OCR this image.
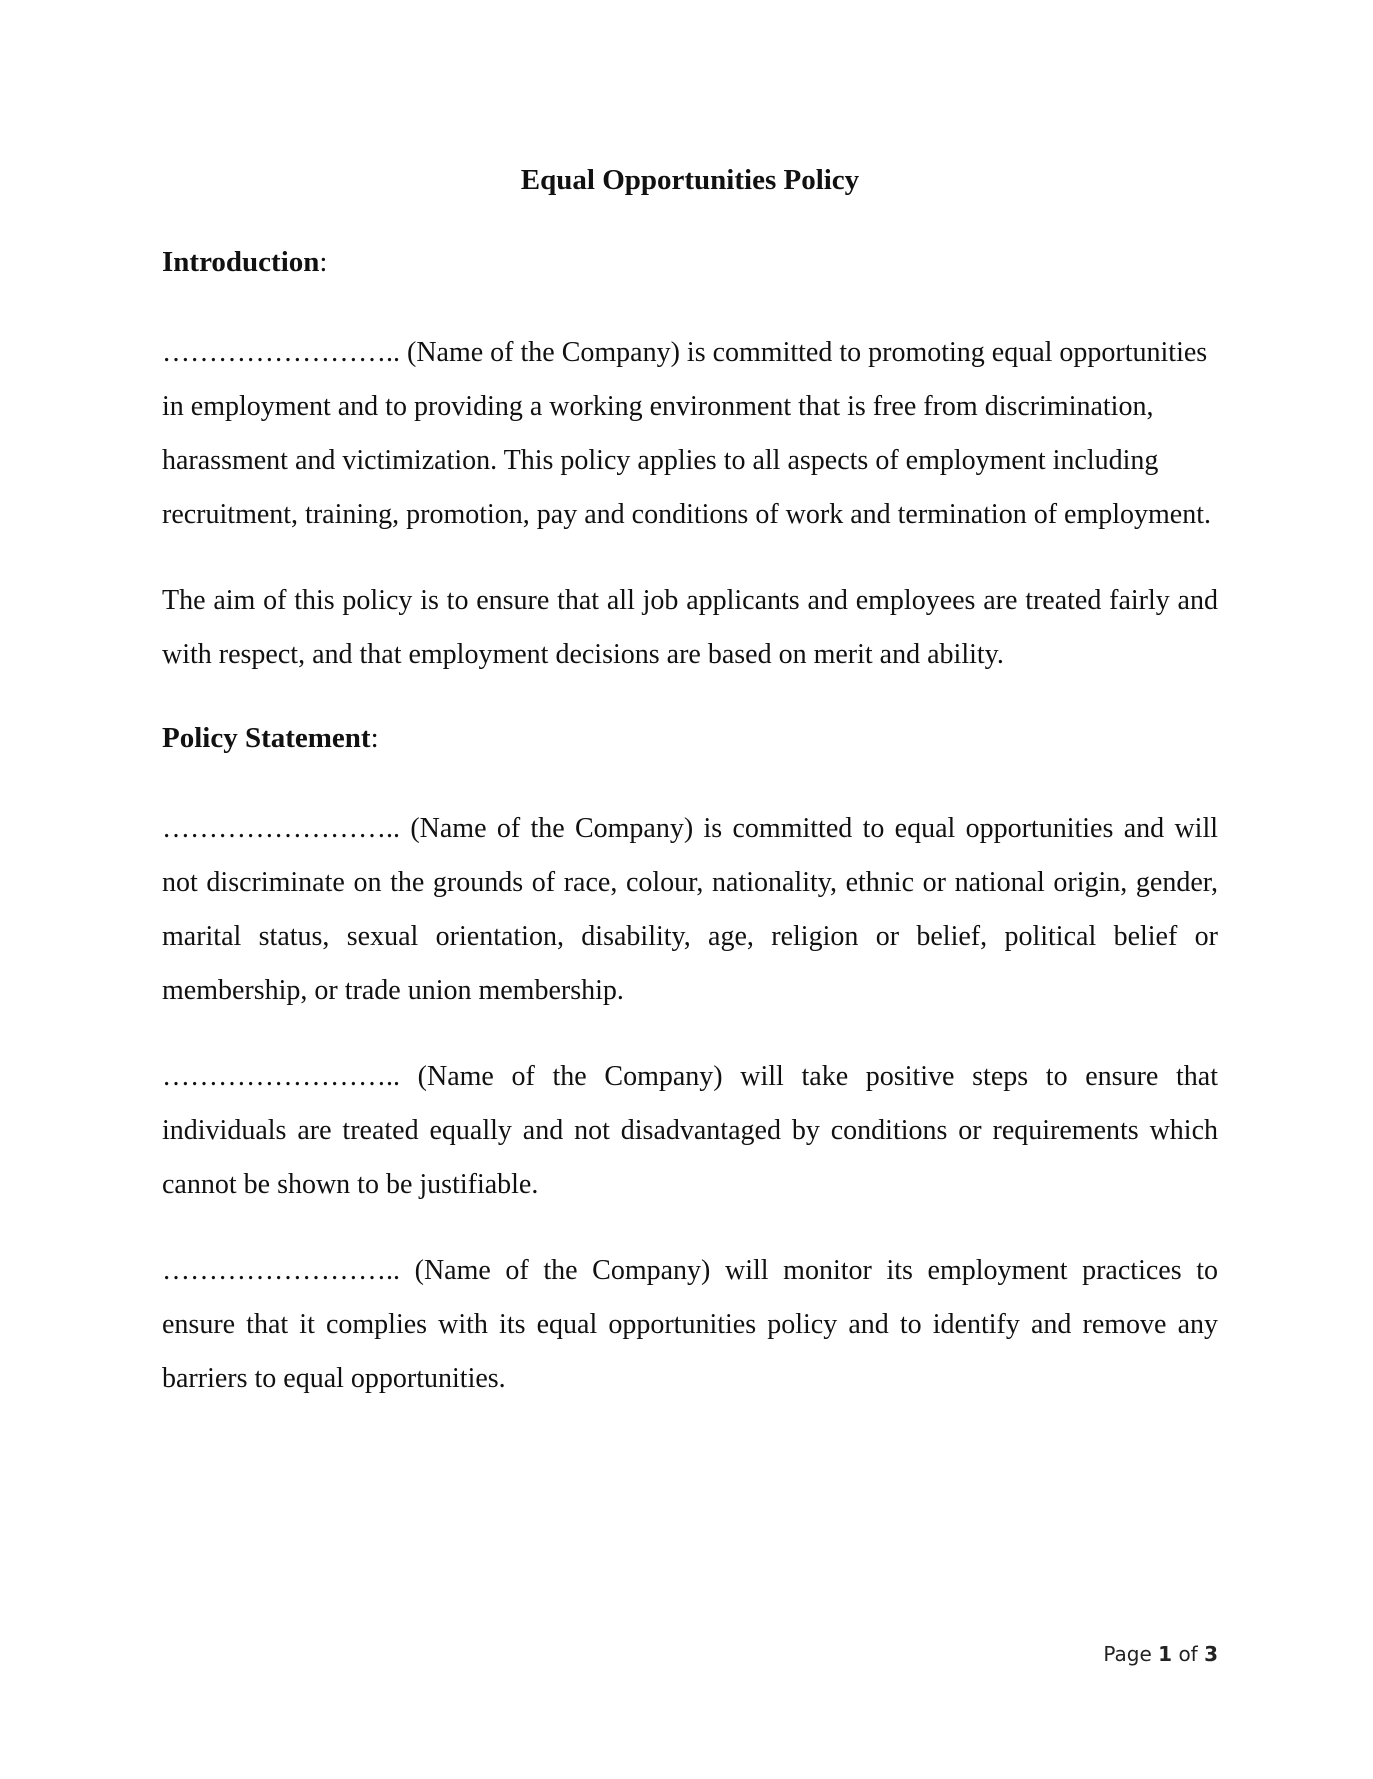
Equal Opportunities Policy
Introduction:

…………………….. (Name of the Company) is committed to promoting equal opportunities in employment and to providing a working environment that is free from discrimination, harassment and victimization. This policy applies to all aspects of employment including recruitment, training, promotion, pay and conditions of work and termination of employment.

The aim of this policy is to ensure that all job applicants and employees are treated fairly and with respect, and that employment decisions are based on merit and ability.

Policy Statement:

…………………….. (Name of the Company) is committed to equal opportunities and will not discriminate on the grounds of race, colour, nationality, ethnic or national origin, gender, marital status, sexual orientation, disability, age, religion or belief, political belief or membership, or trade union membership.

…………………….. (Name of the Company) will take positive steps to ensure that individuals are treated equally and not disadvantaged by conditions or requirements which cannot be shown to be justifiable.

…………………….. (Name of the Company) will monitor its employment practices to ensure that it complies with its equal opportunities policy and to identify and remove any barriers to equal opportunities.

Page 1 of 3
